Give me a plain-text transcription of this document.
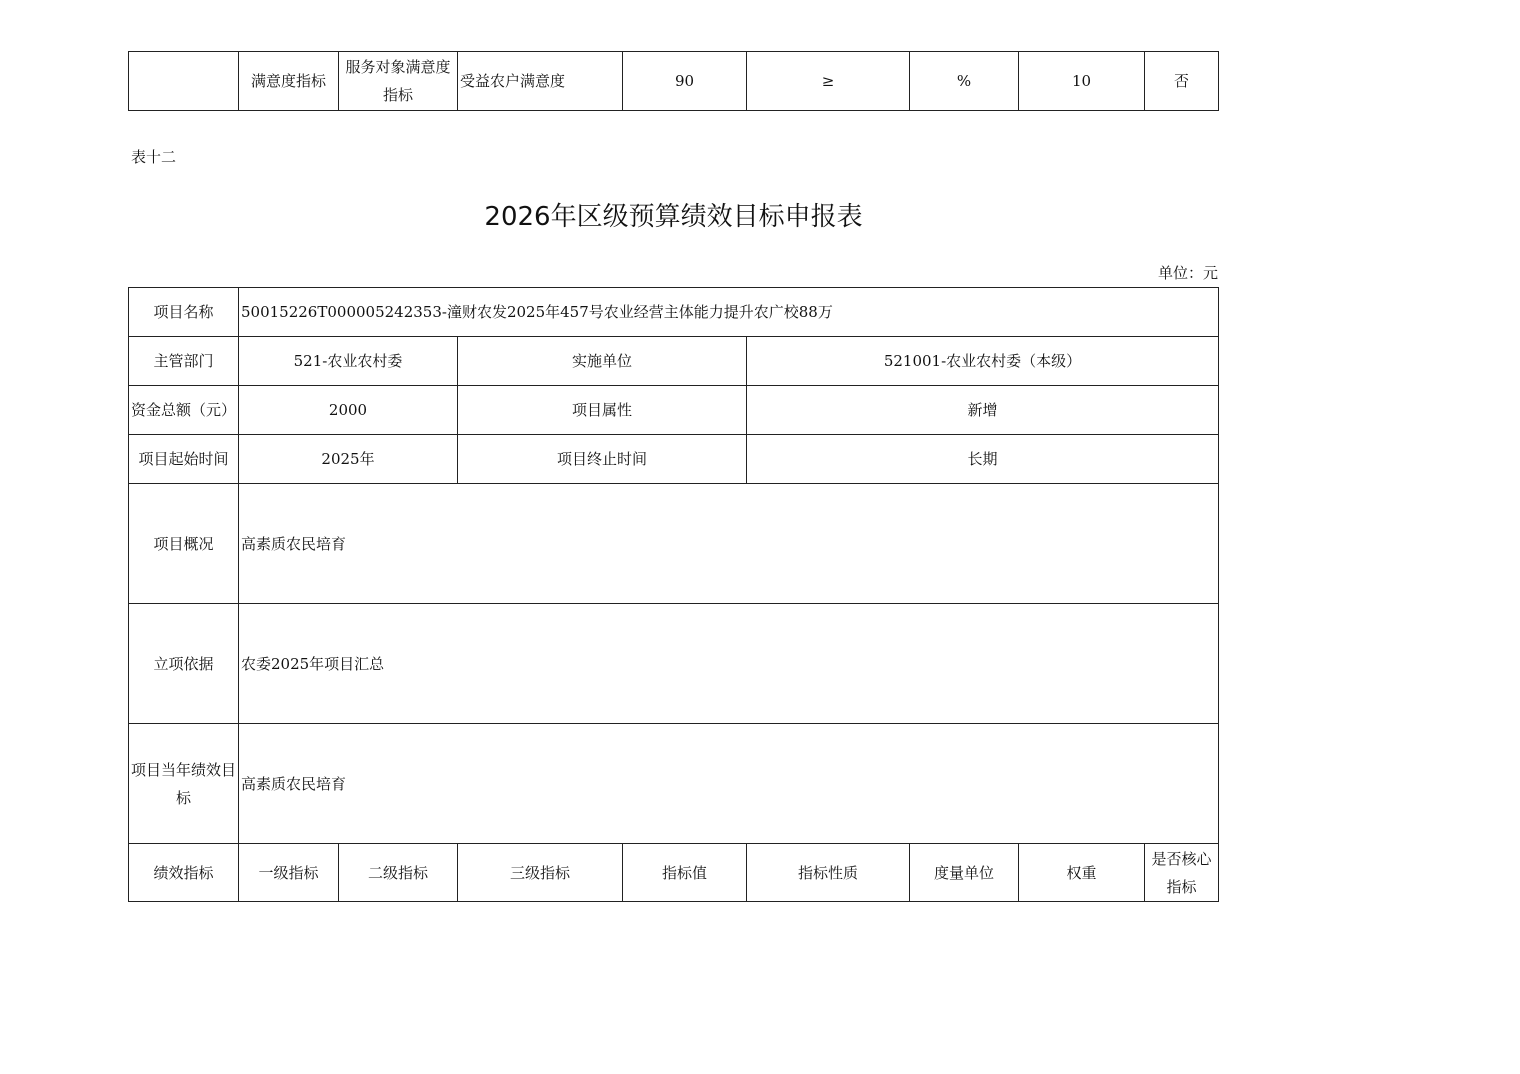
	满意度指标	服务对象满意度指标	受益农户满意度	90	≥	%	10	否
表十二
2026年区级预算绩效目标申报表
单位：元
项目名称	50015226T000005242353-潼财农发2025年457号农业经营主体能力提升农广校88万							
主管部门	521-农业农村委		实施单位		521001-农业农村委（本级）			
资金总额（元）	2000		项目属性		新增			
项目起始时间	2025年		项目终止时间		长期			
项目概况	高素质农民培育							
立项依据	农委2025年项目汇总							
项目当年绩效目标	高素质农民培育							
绩效指标	一级指标	二级指标	三级指标	指标值	指标性质	度量单位	权重	是否核心指标
